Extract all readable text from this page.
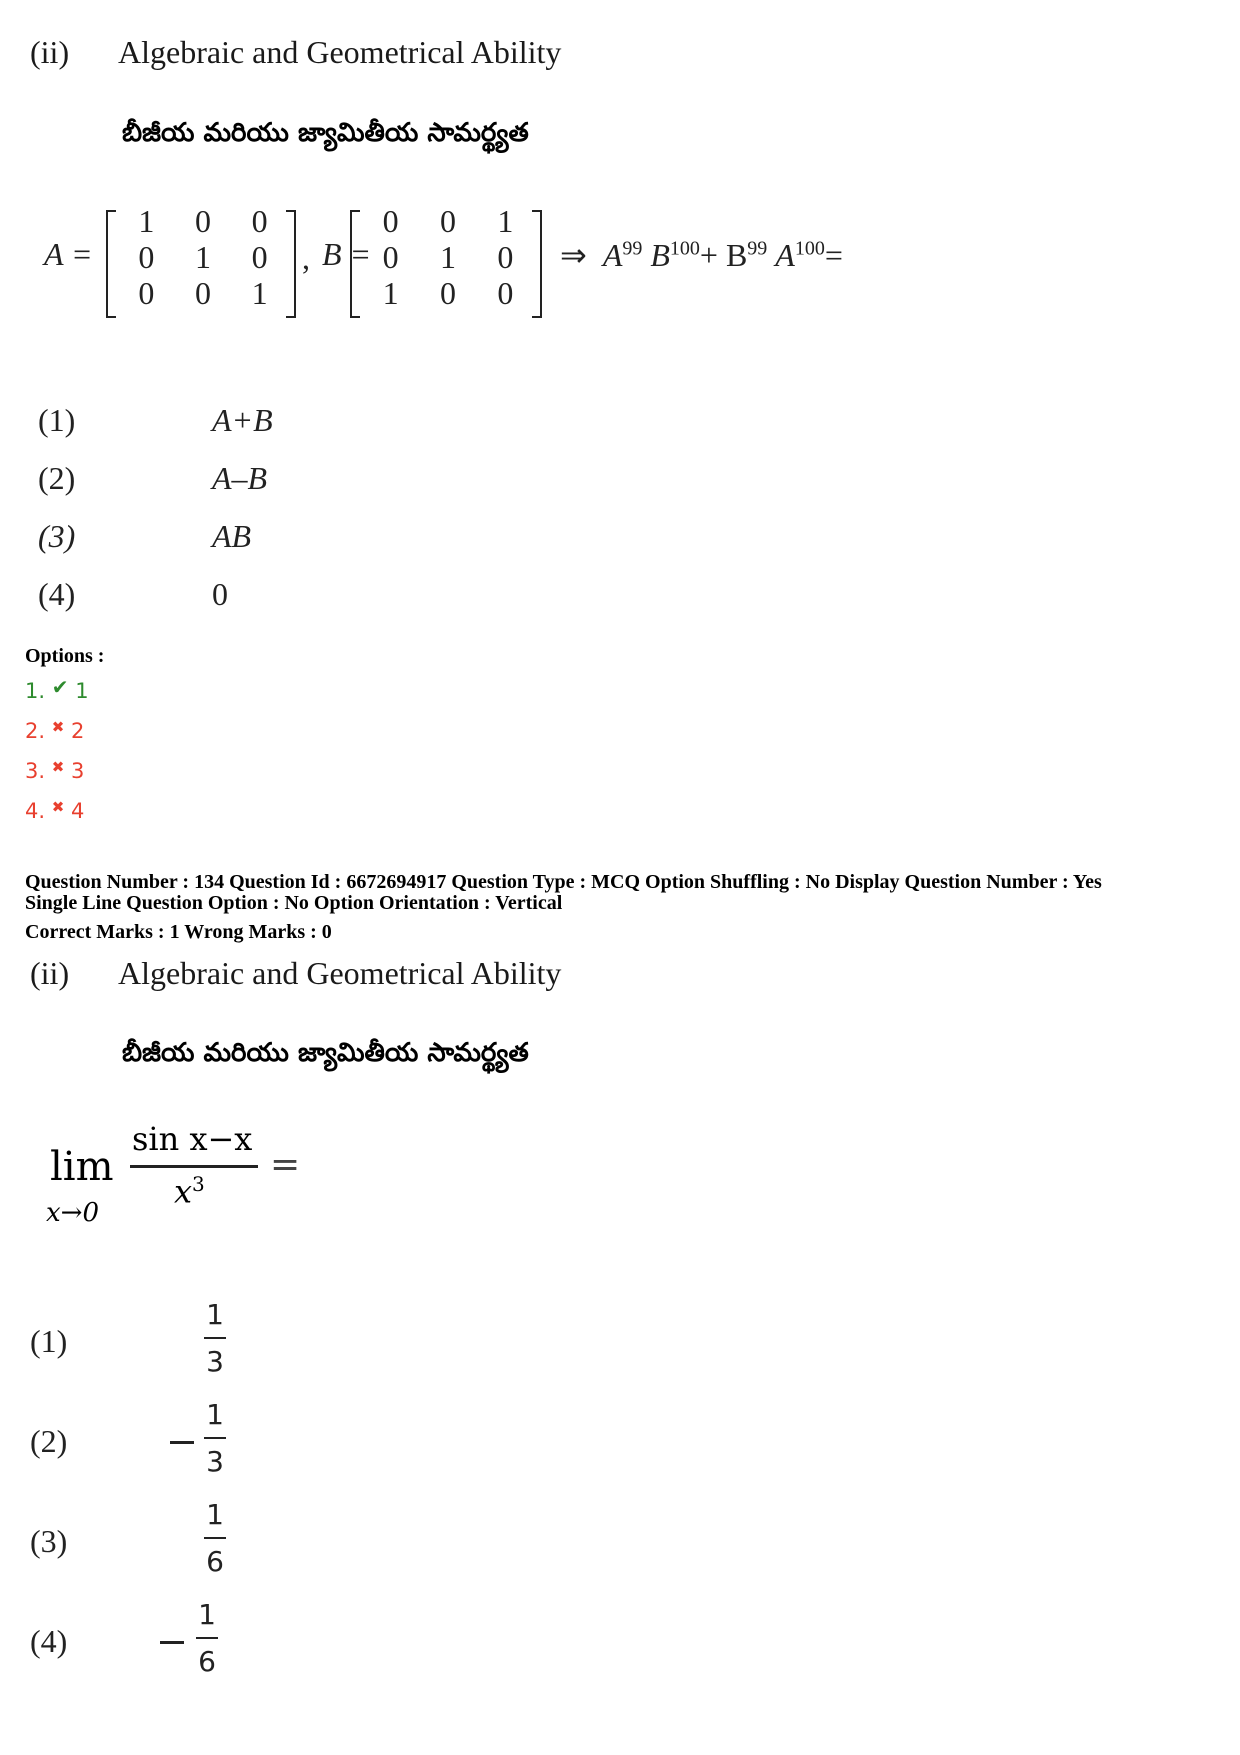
(ii) Algebraic and Geometrical Ability
బీజీయ మరియు జ్యామితీయ సామర్థ్యత
A =
1	0	0
0	1	0
0	0	1
, B =
0	0	1
0	1	0
1	0	0
⇒ $A^{99}$ $B^{100}+ B^{99}$ $A^{100}=$
(1)	A+B
(2)	A–B
(3)	AB
(4)	0
Options :
1. ✔ 1
2. ✖ 2
3. ✖ 3
4. ✖ 4
Question Number : 134 Question Id : 6672694917 Question Type : MCQ Option Shuffling : No Display Question Number : Yes
Single Line Question Option : No Option Orientation : Vertical
Correct Marks : 1 Wrong Marks : 0
(ii) Algebraic and Geometrical Ability
బీజీయ మరియు జ్యామితీయ సామర్థ్యత
lim
x→0
sin x−x
$x^3$ =
(1)
1
3
(2)
1
3
(3)
1
6
(4)
1
6
